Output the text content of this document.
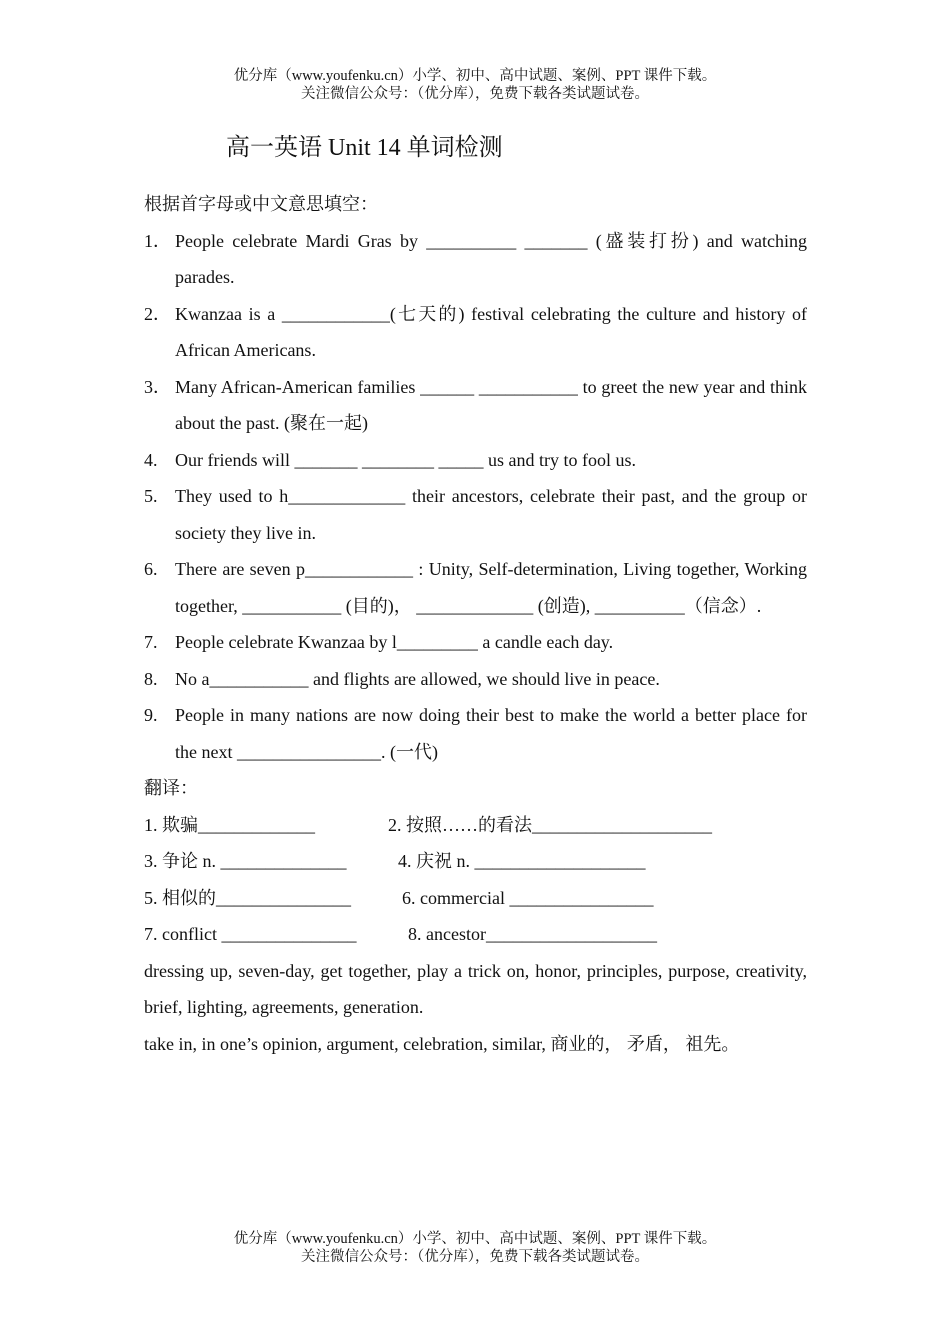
优分库（www.youfenku.cn）小学、初中、高中试题、案例、PPT 课件下载。
关注微信公众号：（优分库），免费下载各类试题试卷。
高一英语 Unit 14 单词检测
根据首字母或中文意思填空：
1． People celebrate Mardi Gras by __________ _______ (盛装打扮) and watching parades.
2． Kwanzaa is a ____________(七天的) festival celebrating the culture and history of African Americans.
3． Many African-American families ______ ___________ to greet the new year and think about the past. (聚在一起)
4. Our friends will _______ ________ _____ us and try to fool us.
5. They used to h_____________ their ancestors, celebrate their past, and the group or society they live in.
6. There are seven p____________ : Unity, Self-determination, Living together, Working together, ___________ (目的)， _____________ (创造), __________（信念）.
7. People celebrate Kwanzaa by l_________ a candle each day.
8. No a___________ and flights are allowed, we should live in peace.
9. People in many nations are now doing their best to make the world a better place for the next ________________. (一代)
翻译：
1. 欺骗_____________	2. 按照……的看法____________________
3. 争论 n. ______________	4. 庆祝 n. ___________________
5. 相似的_______________	6. commercial ________________
7. conflict _______________	8. ancestor___________________
dressing up, seven-day, get together, play a trick on, honor, principles, purpose, creativity, brief, lighting, agreements, generation.
take in, in one’s opinion, argument, celebration, similar, 商业的， 矛盾， 祖先。
优分库（www.youfenku.cn）小学、初中、高中试题、案例、PPT 课件下载。
关注微信公众号：（优分库），免费下载各类试题试卷。
